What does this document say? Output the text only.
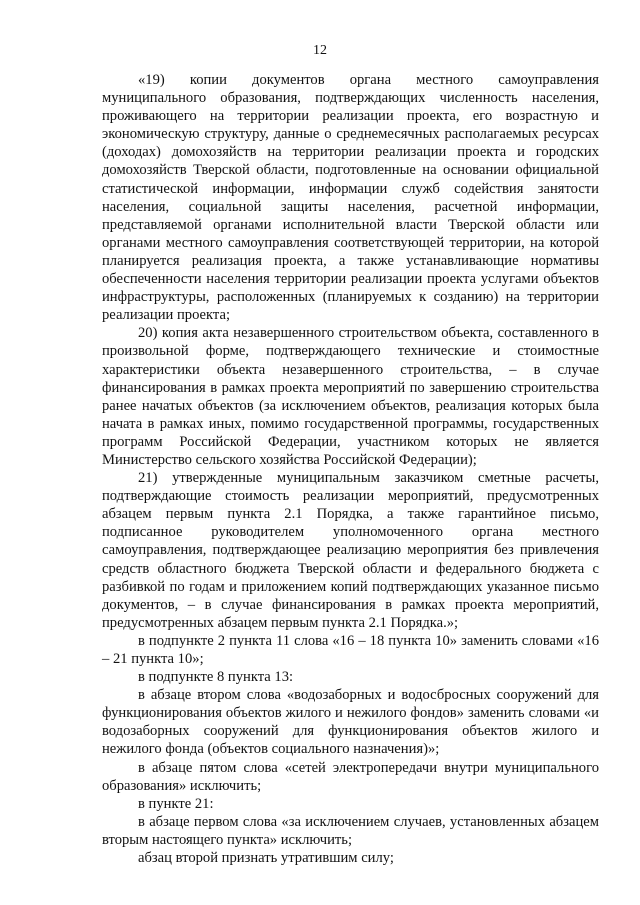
12

«19) копии документов органа местного самоуправления муниципального образования, подтверждающих численность населения, проживающего на территории реализации проекта, его возрастную и экономическую структуру, данные о среднемесячных располагаемых ресурсах (доходах) домохозяйств на территории реализации проекта и городских домохозяйств Тверской области, подготовленные на основании официальной статистической информации, информации служб содействия занятости населения, социальной защиты населения, расчетной информации, представляемой органами исполнительной власти Тверской области или органами местного самоуправления соответствующей территории, на которой планируется реализация проекта, а также устанавливающие нормативы обеспеченности населения территории реализации проекта услугами объектов инфраструктуры, расположенных (планируемых к созданию) на территории реализации проекта;

20) копия акта незавершенного строительством объекта, составленного в произвольной форме, подтверждающего технические и стоимостные характеристики объекта незавершенного строительства, – в случае финансирования в рамках проекта мероприятий по завершению строительства ранее начатых объектов (за исключением объектов, реализация которых была начата в рамках иных, помимо государственной программы, государственных программ Российской Федерации, участником которых не является Министерство сельского хозяйства Российской Федерации);

21) утвержденные муниципальным заказчиком сметные расчеты, подтверждающие стоимость реализации мероприятий, предусмотренных абзацем первым пункта 2.1 Порядка, а также гарантийное письмо, подписанное руководителем уполномоченного органа местного самоуправления, подтверждающее реализацию мероприятия без привлечения средств областного бюджета Тверской области и федерального бюджета с разбивкой по годам и приложением копий подтверждающих указанное письмо документов, – в случае финансирования в рамках проекта мероприятий, предусмотренных абзацем первым пункта 2.1 Порядка.»;

в подпункте 2 пункта 11 слова «16 – 18 пункта 10» заменить словами «16 – 21 пункта 10»;

в подпункте 8 пункта 13:

в абзаце втором слова «водозаборных и водосбросных сооружений для функционирования объектов жилого и нежилого фондов» заменить словами «и водозаборных сооружений для функционирования объектов жилого и нежилого фонда (объектов социального назначения)»;

в абзаце пятом слова «сетей электропередачи внутри муниципального образования» исключить;

в пункте 21:

в абзаце первом слова «за исключением случаев, установленных абзацем вторым настоящего пункта» исключить;

абзац второй признать утратившим силу;
